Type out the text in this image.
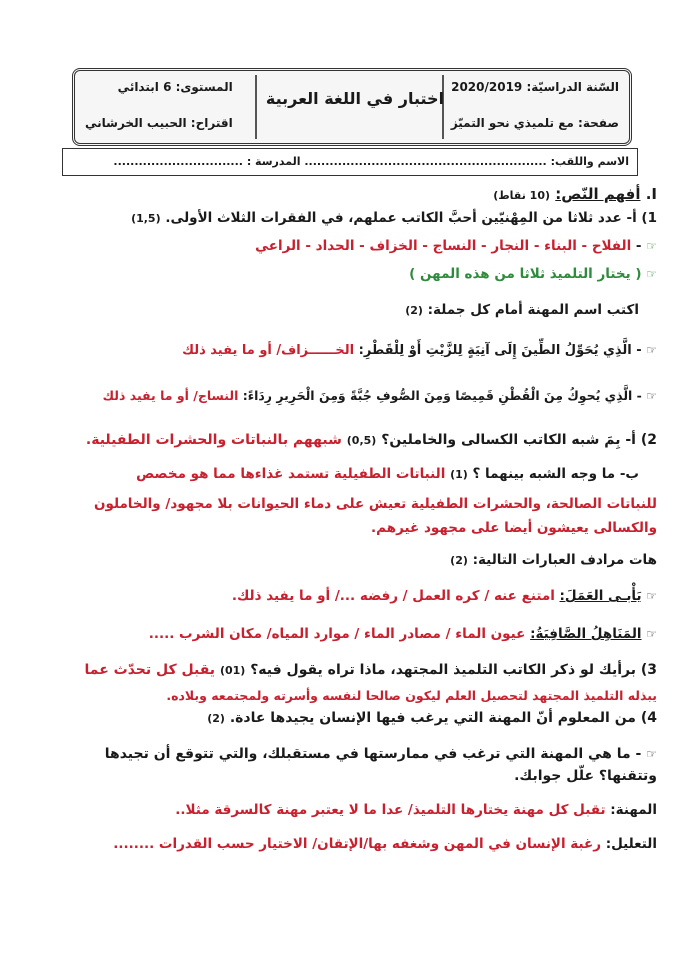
السّنة الدراسيّة: 2020/2019
صفحة: مع تلميذي نحو التميّز
اختبار في اللغة العربية
المستوى: 6 ابتدائي
اقتراح: الحبيب الخرشاني
الاسم واللقب: .......................................................... المدرسة : ...............................
I. أفهم النّص: (10 نقاط)
1) أ- عدد ثلاثا من المِهْنيّين أحبَّ الكاتب عملهم، في الفقرات الثلاث الأولى. (1,5)
☞ - الفلاح - البناء - النجار - النساج - الخزاف - الحداد - الراعي
☞ ( يختار التلميذ ثلاثا من هذه المهن )
اكتب اسم المهنة أمام كل جملة: (2)
☞ - الَّذِي يُحَوِّلُ الطِّينَ إِلَى آنِيَةٍ لِلزَّيْتِ أَوْ لِلْقَطْرِ: الخــــــزاف/ أو ما يفيد ذلك
☞ - الَّذِي يُحوِكُ مِنَ الْقُطْنِ قَمِيصًا وَمِنَ الصُّوفِ جُبَّةً وَمِنَ الْحَرِيرِ رِدَاءً: النساج/ أو ما يفيد ذلك
2) أ- بِمَ شبه الكاتب الكسالى والخاملين؟ (0,5) شبههم بالنباتات والحشرات الطفيلية.
ب- ما وجه الشبه بينهما ؟ (1) النباتات الطفيلية تستمد غذاءها مما هو مخصص
للنباتات الصالحة، والحشرات الطفيلية تعيش على دماء الحيوانات بلا مجهود/ والخاملون
والكسالى يعيشون أيضا على مجهود غيرهم.
هات مرادف العبارات التالية: (2)
☞ يَأْبـى العَمَلَ: امتنع عنه / كره العمل / رفضه .../ أو ما يفيد ذلك.
☞ المَنَاهِلُ الصَّافِيَةُ: عيون الماء / مصادر الماء / موارد المياه/ مكان الشرب .....
3) برأيك لو ذكر الكاتب التلميذ المجتهد، ماذا تراه يقول فيه؟ (01) يقبل كل تحدّث عما
يبذله التلميذ المجتهد لتحصيل العلم ليكون صالحا لنفسه وأسرته ولمجتمعه وبلاده.
4) من المعلوم أنّ المهنة التي يرغب فيها الإنسان يجيدها عادة. (2)
☞ - ما هي المهنة التي ترغب في ممارستها في مستقبلك، والتي تتوقع أن تجيدها
وتتقنها؟ علّل جوابك.
المهنة: تقبل كل مهنة يختارها التلميذ/ عدا ما لا يعتبر مهنة كالسرقة مثلا..
التعليل: رغبة الإنسان في المهن وشغفه بها/الإتقان/ الاختيار حسب القدرات ........
